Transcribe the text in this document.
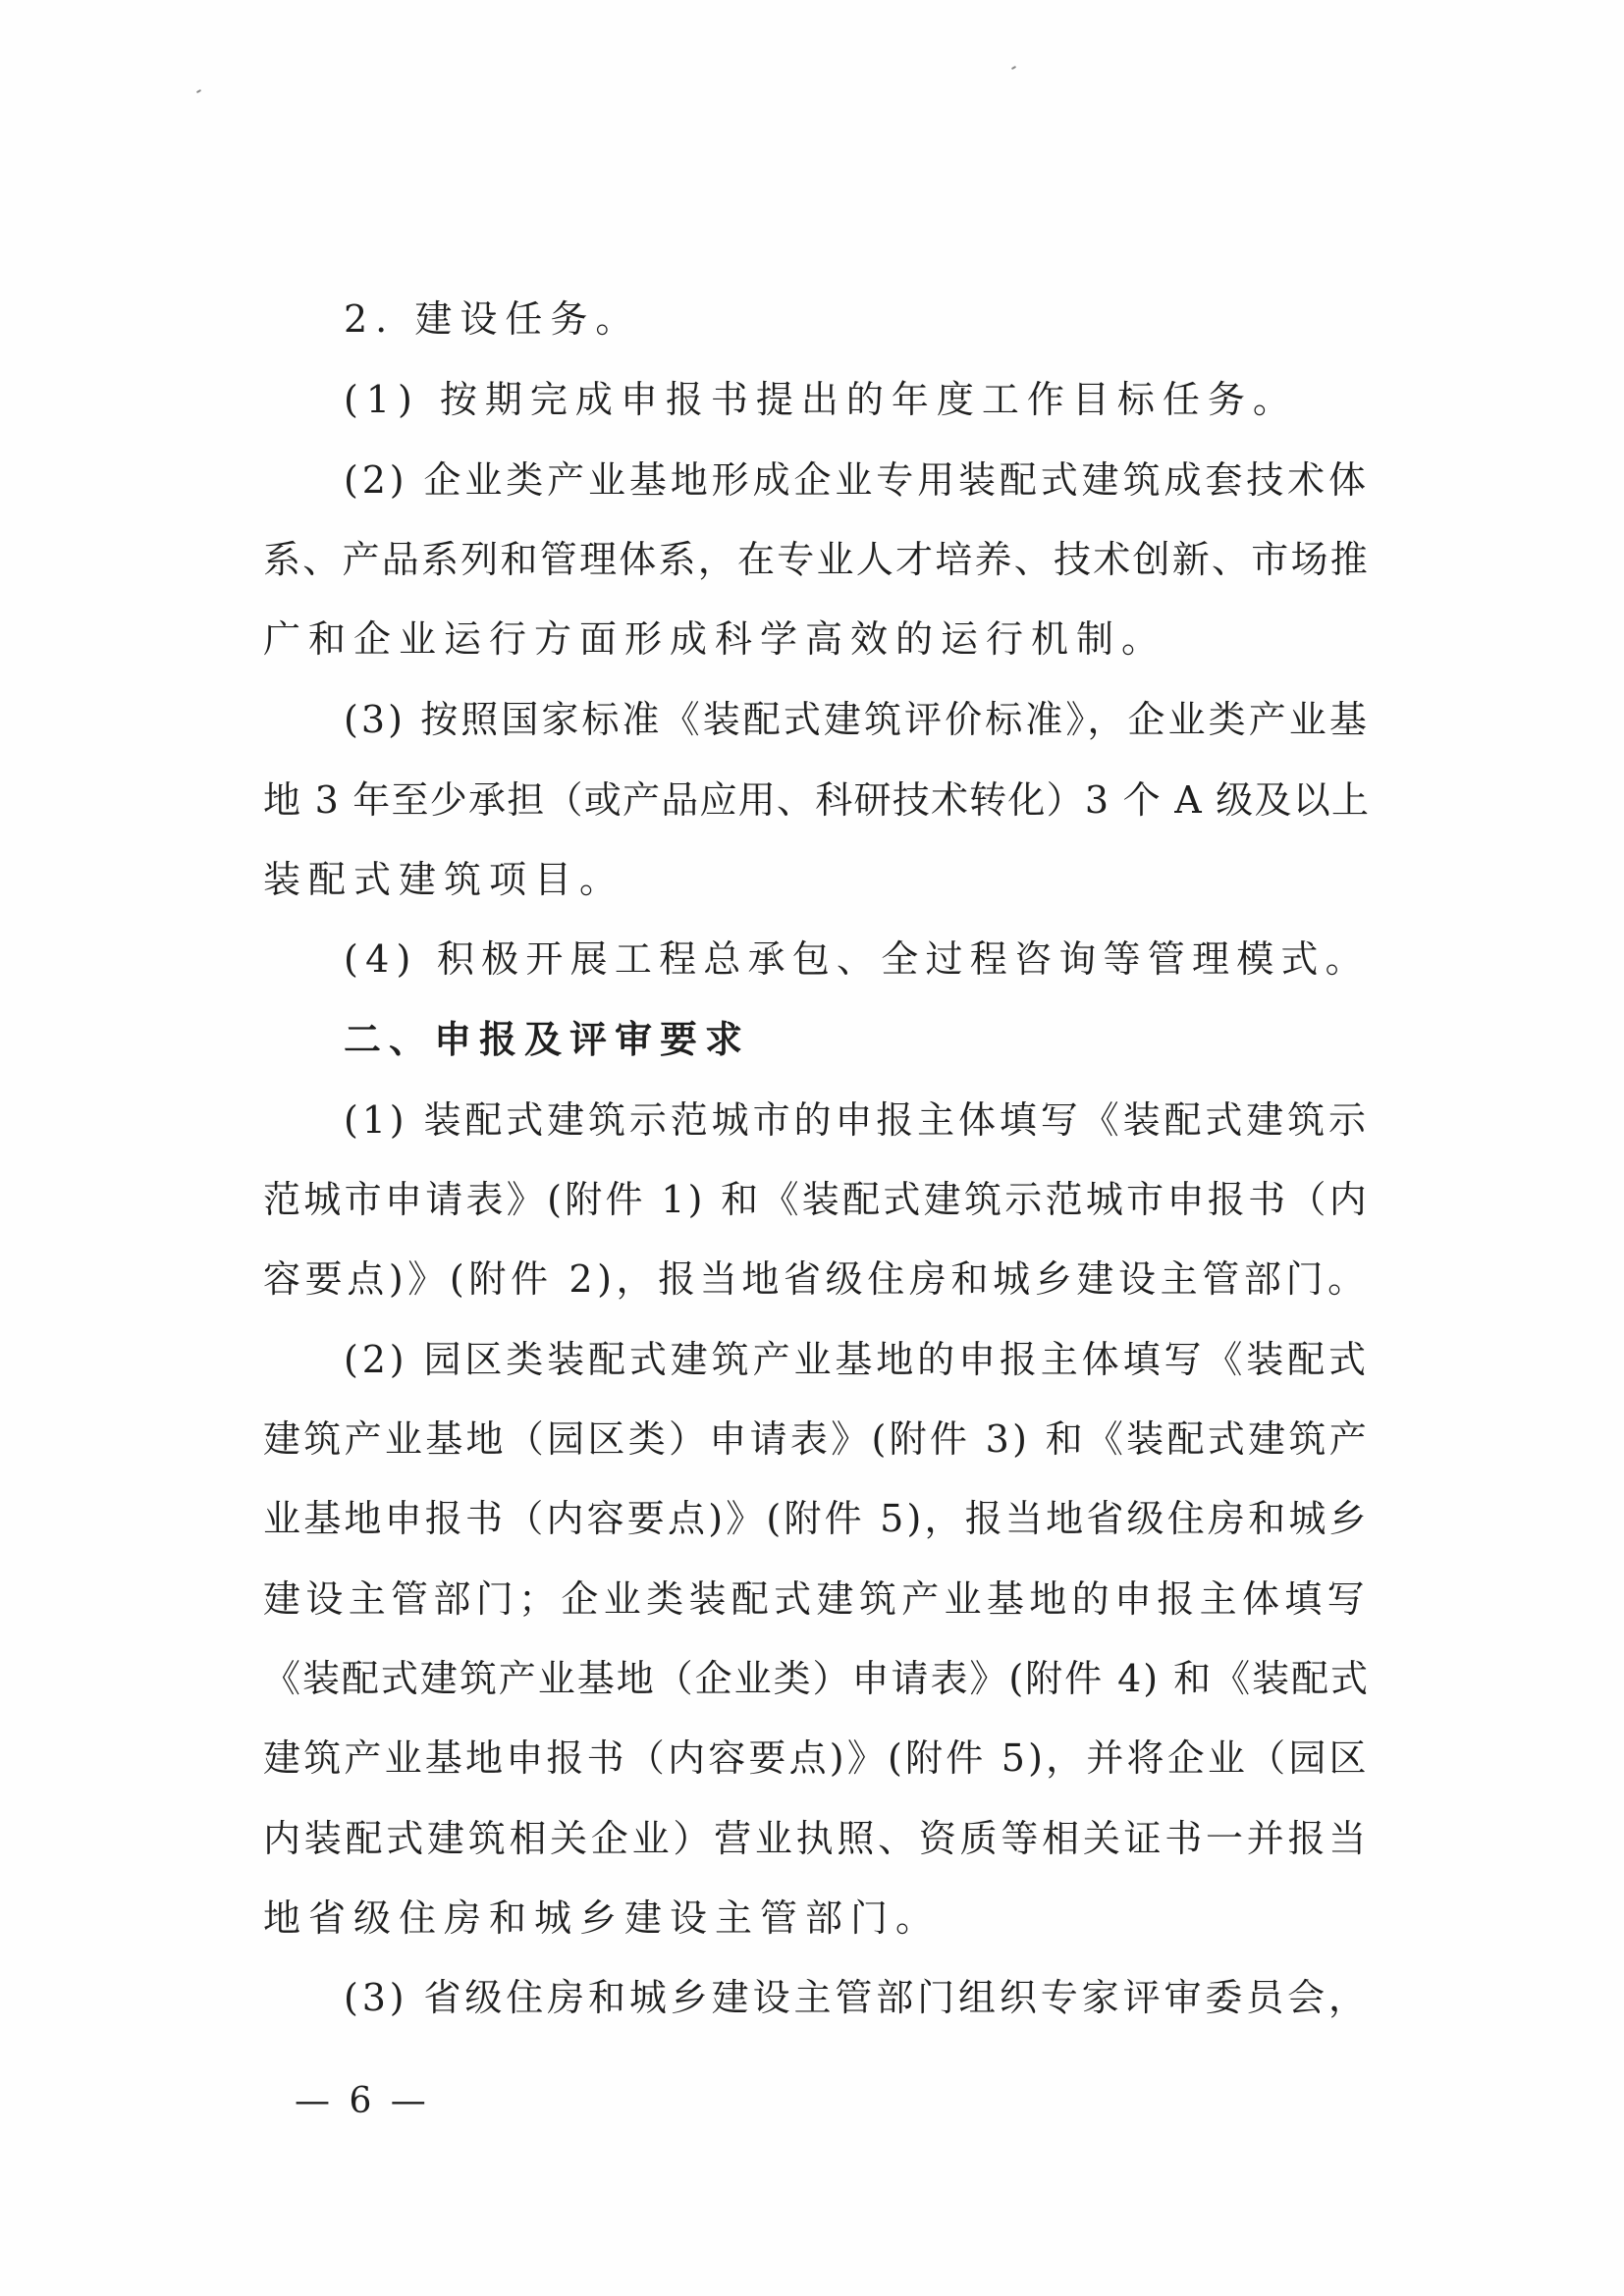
2. 建设任务。
(1) 按期完成申报书提出的年度工作目标任务。
(2) 企业类产业基地形成企业专用装配式建筑成套技术体
系、产品系列和管理体系，在专业人才培养、技术创新、市场推
广和企业运行方面形成科学高效的运行机制。
(3) 按照国家标准《装配式建筑评价标准》，企业类产业基
地 3 年至少承担（或产品应用、科研技术转化）3 个 A 级及以上
装配式建筑项目。
(4) 积极开展工程总承包、全过程咨询等管理模式。
二、申报及评审要求
(1) 装配式建筑示范城市的申报主体填写《装配式建筑示
范城市申请表》(附件 1) 和《装配式建筑示范城市申报书（内
容要点)》(附件 2)，报当地省级住房和城乡建设主管部门。
(2) 园区类装配式建筑产业基地的申报主体填写《装配式
建筑产业基地（园区类）申请表》(附件 3) 和《装配式建筑产
业基地申报书（内容要点)》(附件 5)，报当地省级住房和城乡
建设主管部门；企业类装配式建筑产业基地的申报主体填写
《装配式建筑产业基地（企业类）申请表》(附件 4) 和《装配式
建筑产业基地申报书（内容要点)》(附件 5)，并将企业（园区
内装配式建筑相关企业）营业执照、资质等相关证书一并报当
地省级住房和城乡建设主管部门。
(3) 省级住房和城乡建设主管部门组织专家评审委员会，
— 6 —
